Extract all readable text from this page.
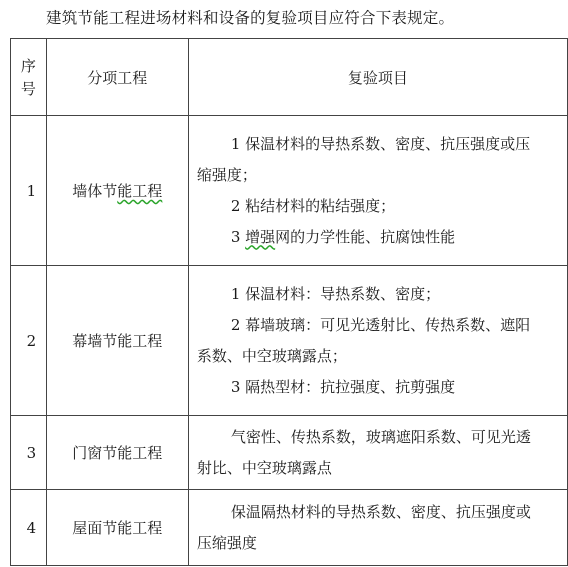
建筑节能工程进场材料和设备的复验项目应符合下表规定。
序
号	分项工程	复验项目
1	墙体节能工程	1 保温材料的导热系数、密度、抗压强度或压
缩强度；
2 粘结材料的粘结强度；
3 增强网的力学性能、抗腐蚀性能

2	幕墙节能工程	1 保温材料：导热系数、密度；
2 幕墙玻璃：可见光透射比、传热系数、遮阳
系数、中空玻璃露点；
3 隔热型材：抗拉强度、抗剪强度

3	门窗节能工程	气密性、传热系数，玻璃遮阳系数、可见光透
射比、中空玻璃露点

4	屋面节能工程	保温隔热材料的导热系数、密度、抗压强度或
压缩强度
